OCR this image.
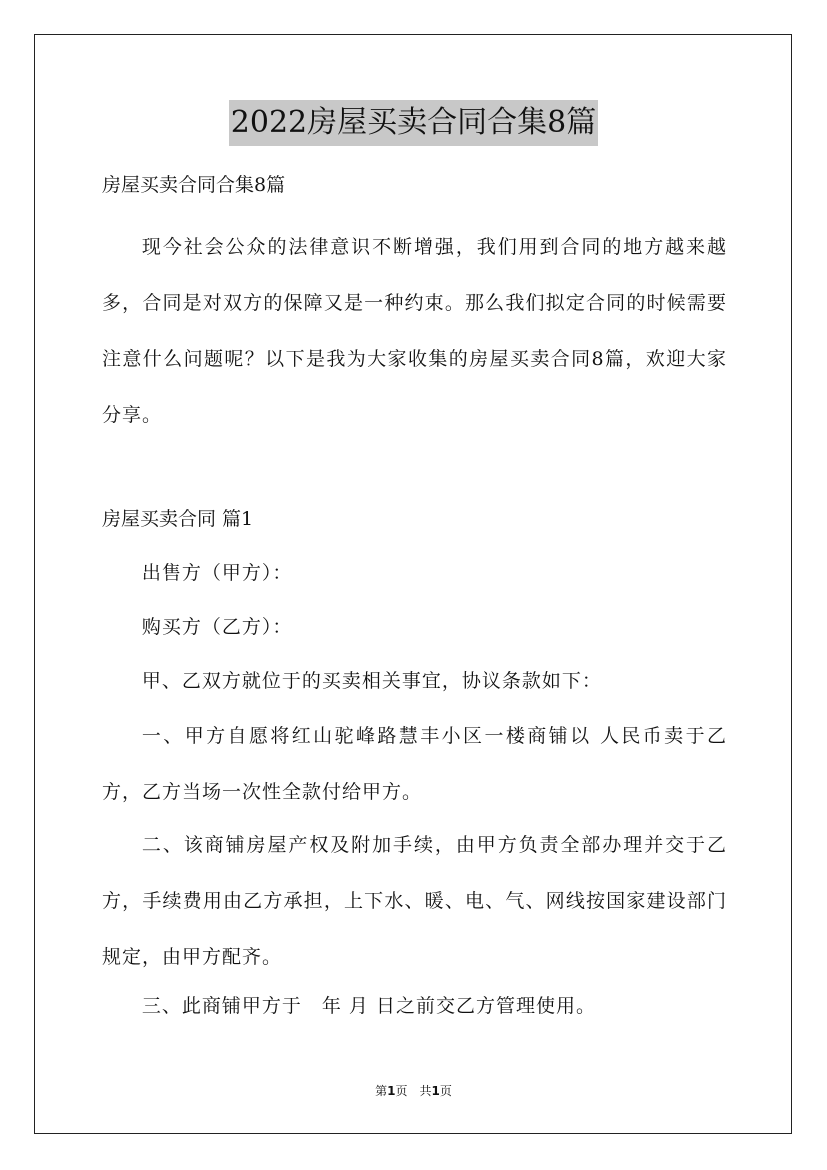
2022房屋买卖合同合集8篇

房屋买卖合同合集8篇

现今社会公众的法律意识不断增强，我们用到合同的地方越来越多，合同是对双方的保障又是一种约束。那么我们拟定合同的时候需要注意什么问题呢？以下是我为大家收集的房屋买卖合同8篇，欢迎大家分享。

房屋买卖合同 篇1

出售方（甲方）：

购买方（乙方）：

甲、乙双方就位于的买卖相关事宜，协议条款如下：

一、甲方自愿将红山驼峰路慧丰小区一楼商铺以 人民币卖于乙方，乙方当场一次性全款付给甲方。

二、该商铺房屋产权及附加手续，由甲方负责全部办理并交于乙方，手续费用由乙方承担，上下水、暖、电、气、网线按国家建设部门规定，由甲方配齐。

三、此商铺甲方于　年 月 日之前交乙方管理使用。

第1页　共1页
